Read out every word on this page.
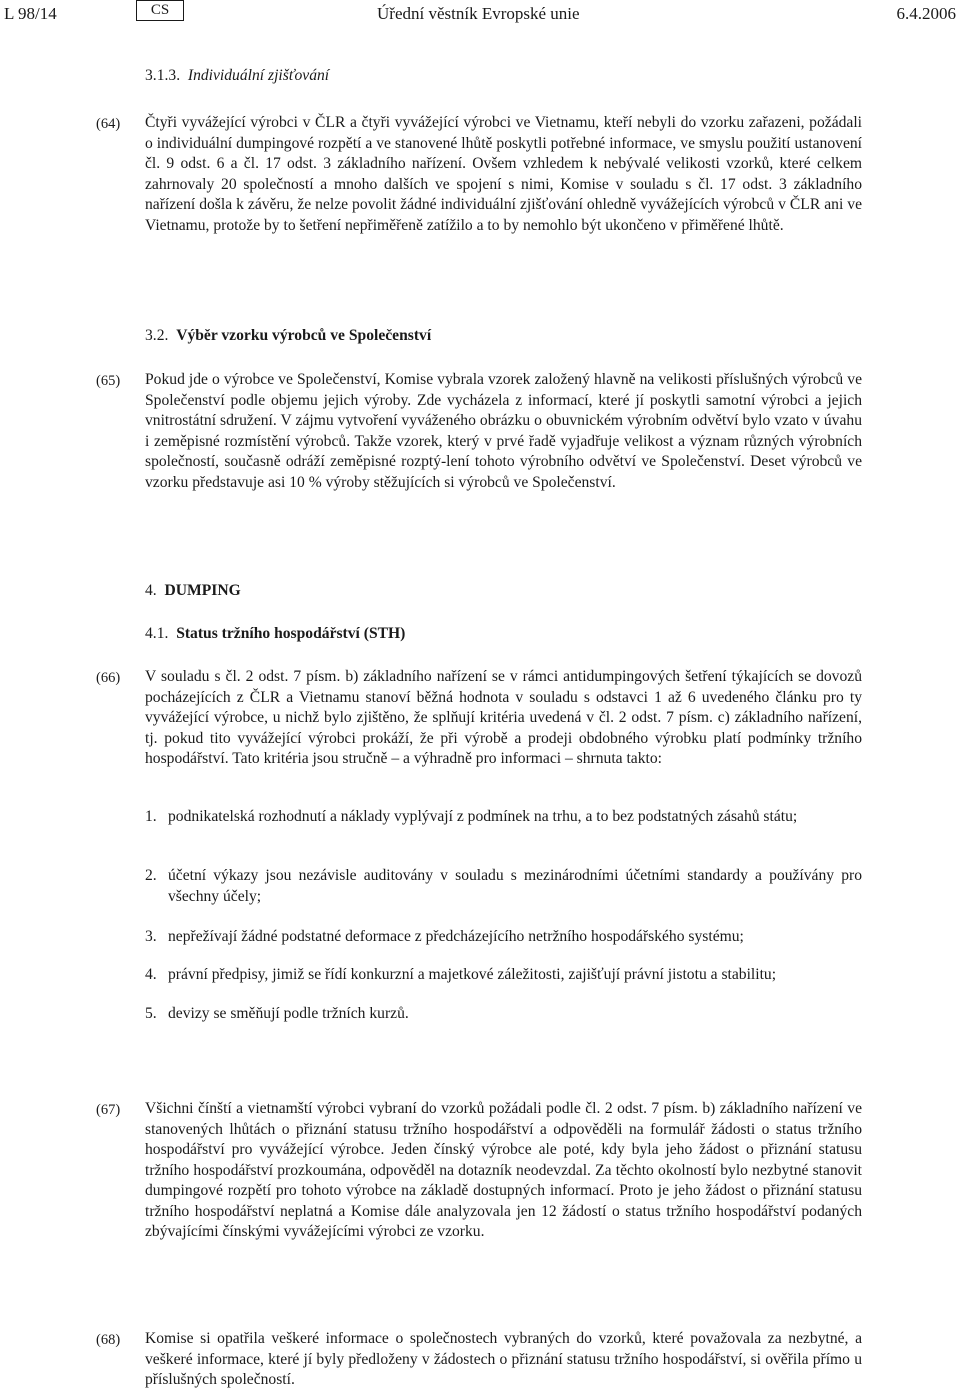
L 98/14	CS	Úřední věstník Evropské unie	6.4.2006
3.1.3. Individuální zjišťování
(64) Čtyři vyvážející výrobci v ČLR a čtyři vyvážející výrobci ve Vietnamu, kteří nebyli do vzorku zařazeni, požádali o individuální dumpingové rozpětí a ve stanovené lhůtě poskytli potřebné informace, ve smyslu použití ustanovení čl. 9 odst. 6 a čl. 17 odst. 3 základního nařízení. Ovšem vzhledem k nebývalé velikosti vzorků, které celkem zahrnovaly 20 společností a mnoho dalších ve spojení s nimi, Komise v souladu s čl. 17 odst. 3 základního nařízení došla k závěru, že nelze povolit žádné individuální zjišťování ohledně vyvážejících výrobců v ČLR ani ve Vietnamu, protože by to šetření nepřiměřeně zatížilo a to by nemohlo být ukončeno v přiměřené lhůtě.
3.2. Výběr vzorku výrobců ve Společenství
(65) Pokud jde o výrobce ve Společenství, Komise vybrala vzorek založený hlavně na velikosti příslušných výrobců ve Společenství podle objemu jejich výroby. Zde vycházela z informací, které jí poskytli samotní výrobci a jejich vnitrostátní sdružení. V zájmu vytvoření vyváženého obrázku o obuvnickém výrobním odvětví bylo vzato v úvahu i zeměpisné rozmístění výrobců. Takže vzorek, který v prvé řadě vyjadřuje velikost a význam různých výrobních společností, současně odráží zeměpisné rozptý-lení tohoto výrobního odvětví ve Společenství. Deset výrobců ve vzorku představuje asi 10 % výroby stěžujících si výrobců ve Společenství.
4. DUMPING
4.1. Status tržního hospodářství (STH)
(66) V souladu s čl. 2 odst. 7 písm. b) základního nařízení se v rámci antidumpingových šetření týkajících se dovozů pocházejících z ČLR a Vietnamu stanoví běžná hodnota v souladu s odstavci 1 až 6 uvedeného článku pro ty vyvážející výrobce, u nichž bylo zjištěno, že splňují kritéria uvedená v čl. 2 odst. 7 písm. c) základního nařízení, tj. pokud tito vyvážející výrobci prokáží, že při výrobě a prodeji obdobného výrobku platí podmínky tržního hospodářství. Tato kritéria jsou stručně – a výhradně pro informaci – shrnuta takto:
1. podnikatelská rozhodnutí a náklady vyplývají z podmínek na trhu, a to bez podstatných zásahů státu;
2. účetní výkazy jsou nezávisle auditovány v souladu s mezinárodními účetními standardy a používány pro všechny účely;
3. nepřežívají žádné podstatné deformace z předcházejícího netržního hospodářského systému;
4. právní předpisy, jimiž se řídí konkurzní a majetkové záležitosti, zajišťují právní jistotu a stabilitu;
5. devizy se směňují podle tržních kurzů.
(67) Všichni čínští a vietnamští výrobci vybraní do vzorků požádali podle čl. 2 odst. 7 písm. b) základního nařízení ve stanovených lhůtách o přiznání statusu tržního hospodářství a odpověděli na formulář žádosti o status tržního hospodářství pro vyvážející výrobce. Jeden čínský výrobce ale poté, kdy byla jeho žádost o přiznání statusu tržního hospodářství prozkoumána, odpověděl na dotazník neodevzdal. Za těchto okolností bylo nezbytné stanovit dumpingové rozpětí pro tohoto výrobce na základě dostupných informací. Proto je jeho žádost o přiznání statusu tržního hospodářství neplatná a Komise dále analyzovala jen 12 žádostí o status tržního hospodářství podaných zbývajícími čínskými vyvážejícími výrobci ze vzorku.
(68) Komise si opatřila veškeré informace o společnostech vybraných do vzorků, které považovala za nezbytné, a veškeré informace, které jí byly předloženy v žádostech o přiznání statusu tržního hospodářství, si ověřila přímo u příslušných společností.
